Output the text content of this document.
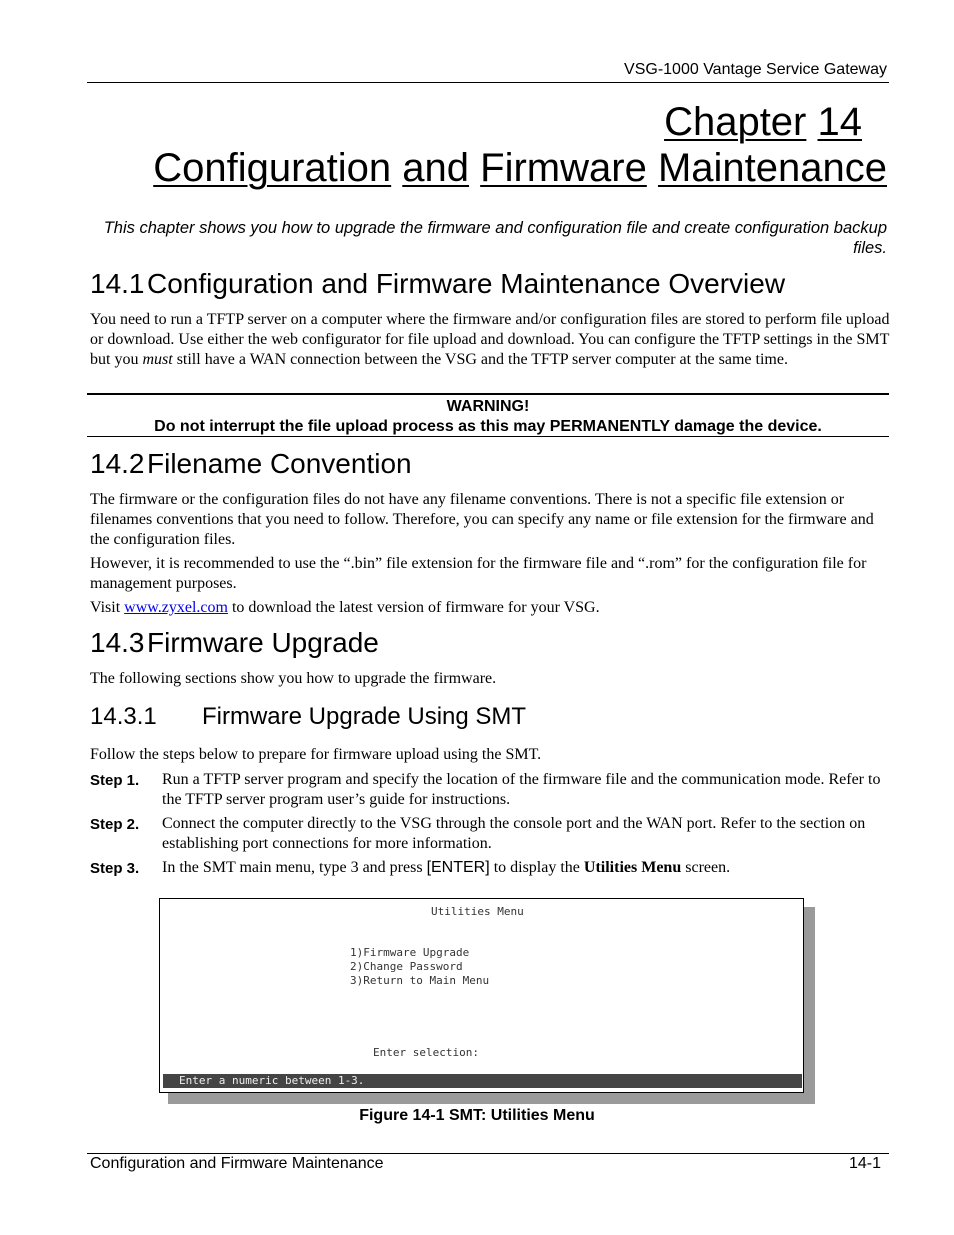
VSG-1000 Vantage Service Gateway
Chapter 14
Configuration and Firmware Maintenance
This chapter shows you how to upgrade the firmware and configuration file and create configuration backup files.
14.1Configuration and Firmware Maintenance Overview
You need to run a TFTP server on a computer where the firmware and/or configuration files are stored to perform file upload or download. Use either the web configurator for file upload and download. You can configure the TFTP settings in the SMT but you must still have a WAN connection between the VSG and the TFTP server computer at the same time.
WARNING!
Do not interrupt the file upload process as this may PERMANENTLY damage the device.
14.2Filename Convention
The firmware or the configuration files do not have any filename conventions. There is not a specific file extension or filenames conventions that you need to follow. Therefore, you can specify any name or file extension for the firmware and the configuration files.
However, it is recommended to use the “.bin” file extension for the firmware file and “.rom” for the configuration file for management purposes.
Visit www.zyxel.com to download the latest version of firmware for your VSG.
14.3Firmware Upgrade
The following sections show you how to upgrade the firmware.
14.3.1 Firmware Upgrade Using SMT
Follow the steps below to prepare for firmware upload using the SMT.
Step 1. Run a TFTP server program and specify the location of the firmware file and the communication mode. Refer to the TFTP server program user’s guide for instructions.
Step 2. Connect the computer directly to the VSG through the console port and the WAN port. Refer to the section on establishing port connections for more information.
Step 3. In the SMT main menu, type 3 and press [ENTER] to display the Utilities Menu screen.
Utilities Menu
1)Firmware Upgrade
2)Change Password
3)Return to Main Menu
Enter selection:
Enter a numeric between 1-3.
Figure 14-1 SMT: Utilities Menu
Configuration and Firmware Maintenance	14-1
